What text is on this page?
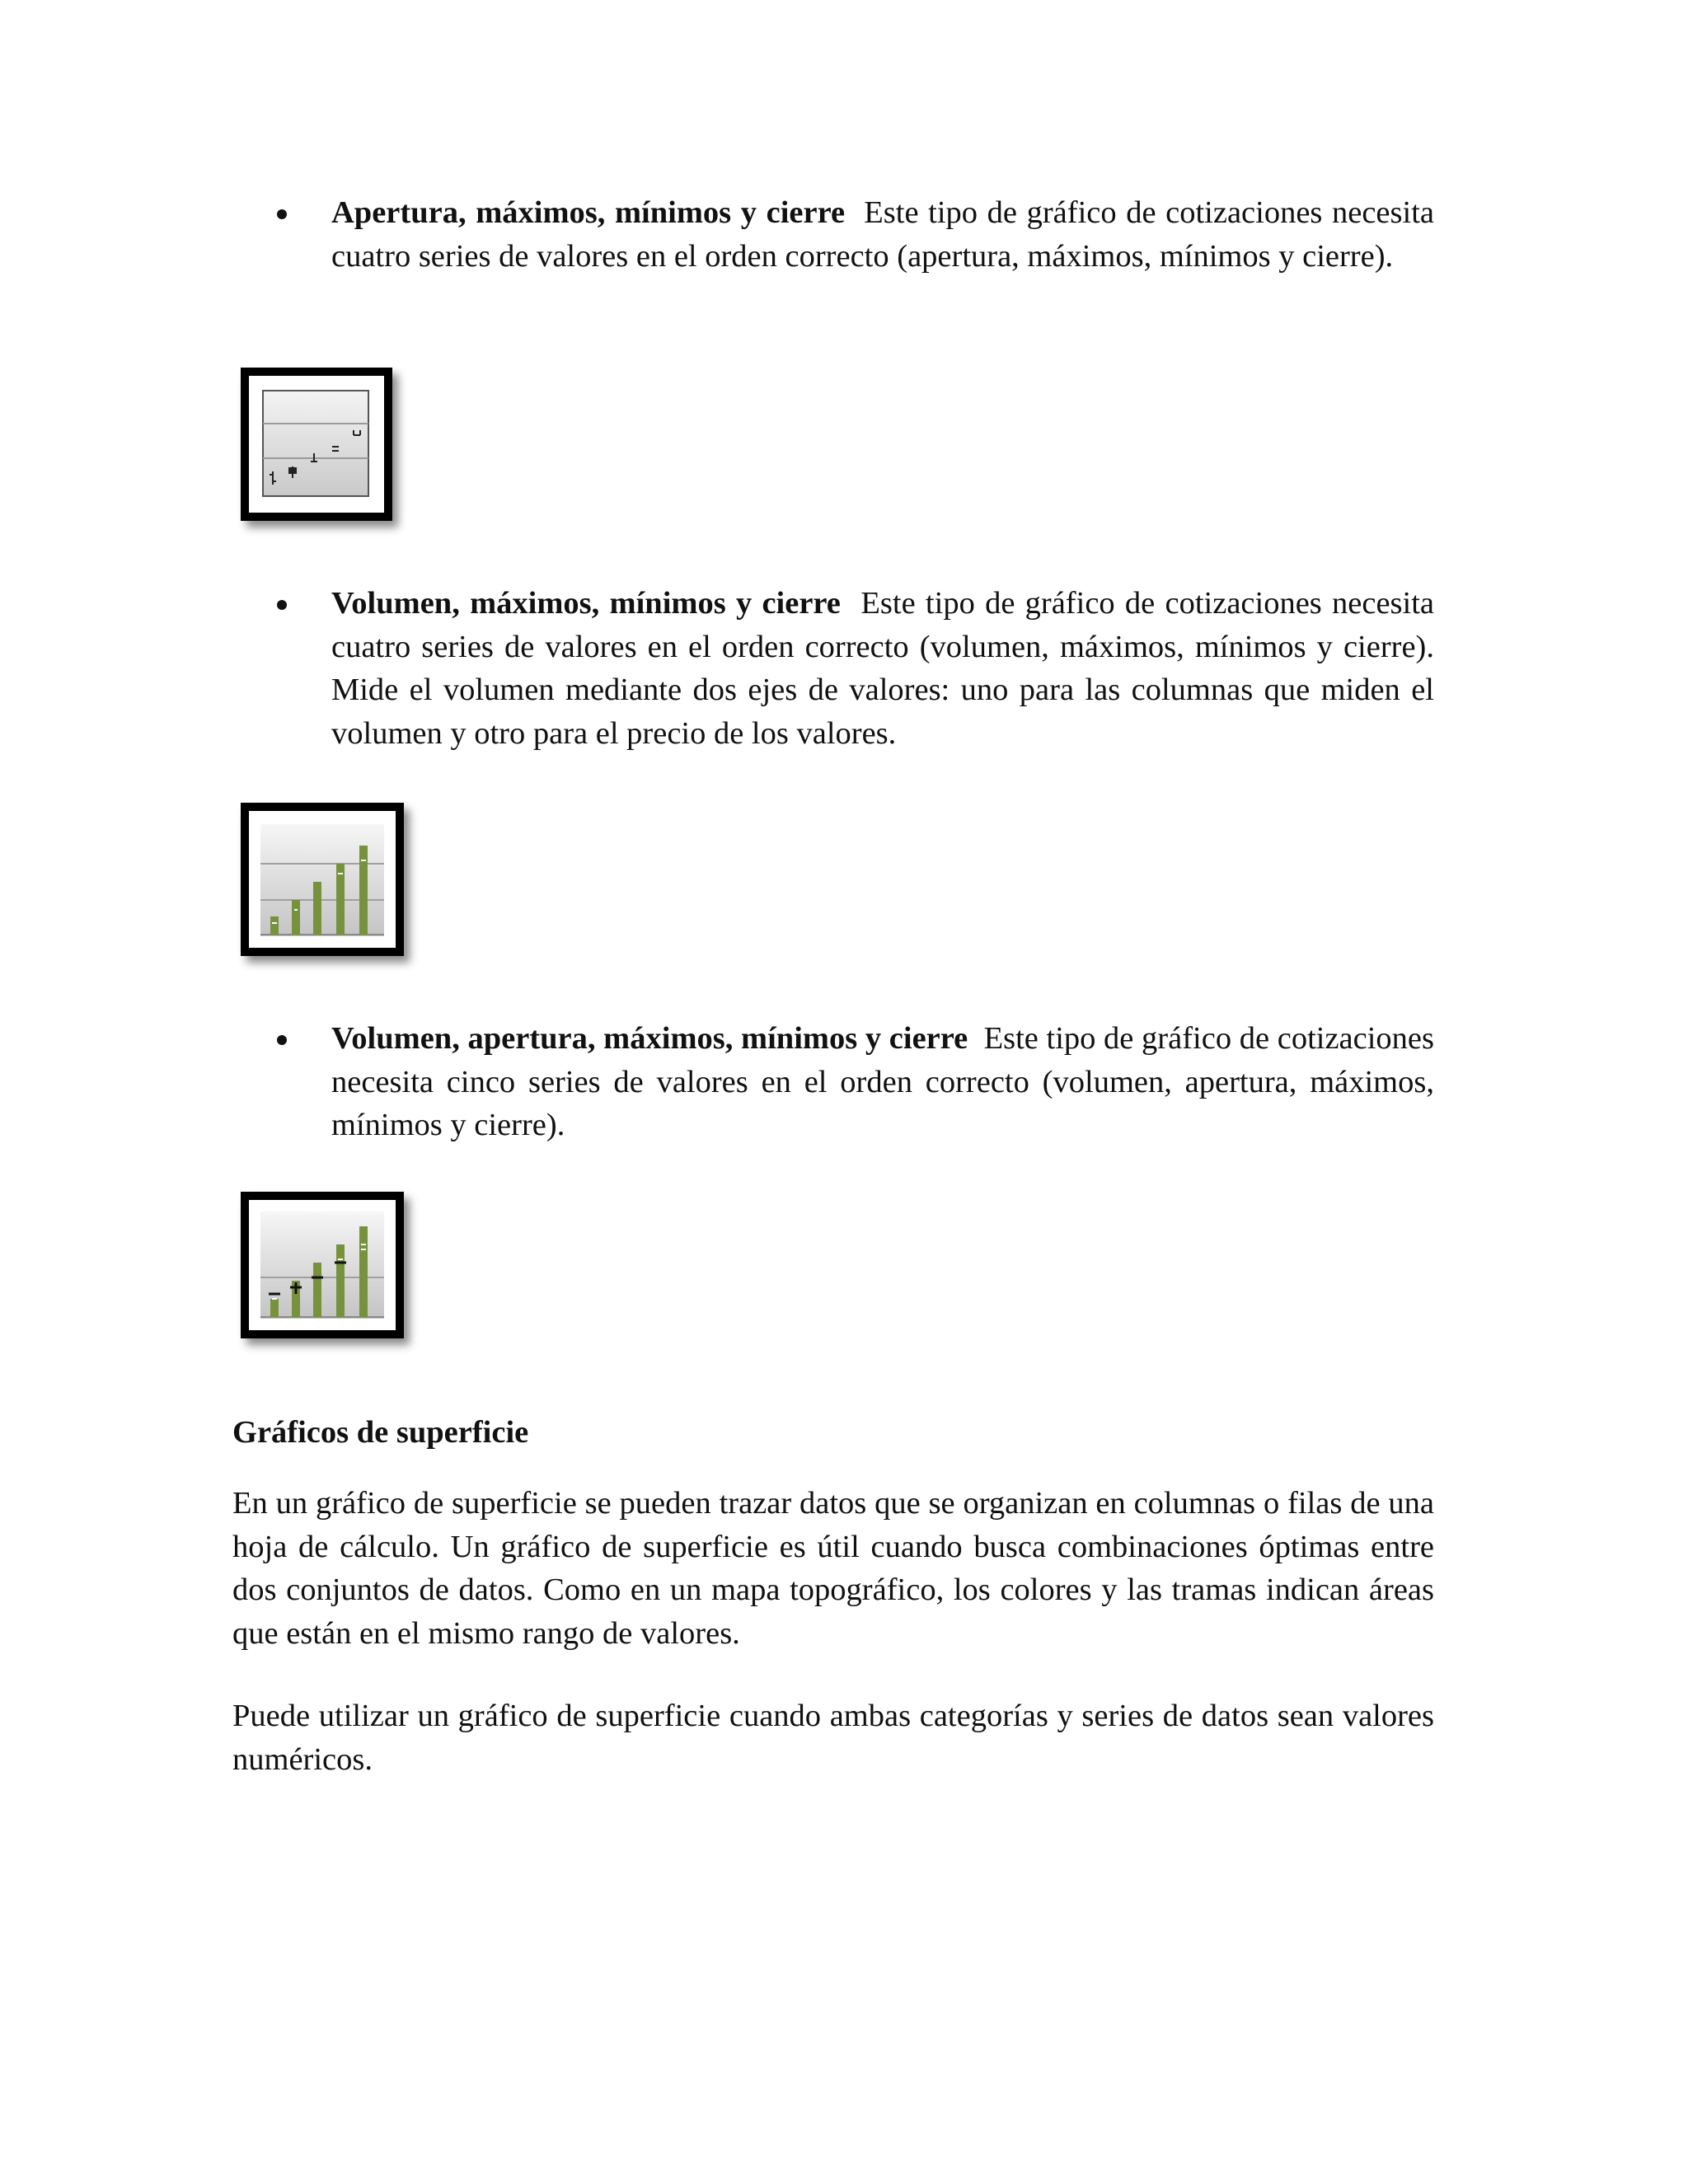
Apertura, máximos, mínimos y cierre Este tipo de gráfico de cotizaciones necesita cuatro series de valores en el orden correcto (apertura, máximos, mínimos y cierre).

Volumen, máximos, mínimos y cierre Este tipo de gráfico de cotizaciones necesita cuatro series de valores en el orden correcto (volumen, máximos, mínimos y cierre). Mide el volumen mediante dos ejes de valores: uno para las columnas que miden el volumen y otro para el precio de los valores.

Volumen, apertura, máximos, mínimos y cierre Este tipo de gráfico de cotizaciones necesita cinco series de valores en el orden correcto (volumen, apertura, máximos, mínimos y cierre).

Gráficos de superficie

En un gráfico de superficie se pueden trazar datos que se organizan en columnas o filas de una hoja de cálculo. Un gráfico de superficie es útil cuando busca combinaciones óptimas entre dos conjuntos de datos. Como en un mapa topográfico, los colores y las tramas indican áreas que están en el mismo rango de valores.

Puede utilizar un gráfico de superficie cuando ambas categorías y series de datos sean valores numéricos.
